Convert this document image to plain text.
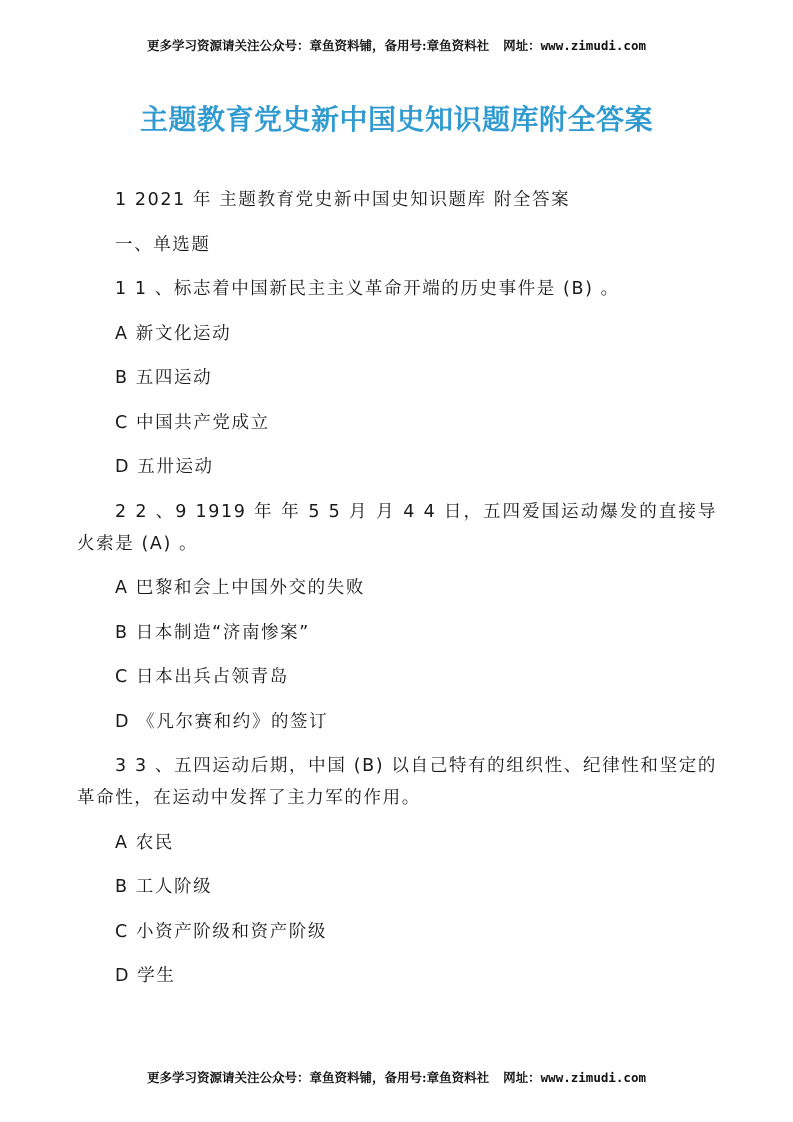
更多学习资源请关注公众号：章鱼资料铺，备用号:章鱼资料社 网址：www.zimudi.com
主题教育党史新中国史知识题库附全答案
1 2021 年 主题教育党史新中国史知识题库 附全答案
一、单选题
1 1 、标志着中国新民主主义革命开端的历史事件是 (B) 。
A 新文化运动
B 五四运动
C 中国共产党成立
D 五卅运动
2 2 、9 1919 年 年 5 5 月 月 4 4 日，五四爱国运动爆发的直接导火索是 (A) 。
A 巴黎和会上中国外交的失败
B 日本制造“济南惨案”
C 日本出兵占领青岛
D 《凡尔赛和约》的签订
3 3 、五四运动后期，中国 (B) 以自己特有的组织性、纪律性和坚定的革命性，在运动中发挥了主力军的作用。
A 农民
B 工人阶级
C 小资产阶级和资产阶级
D 学生
更多学习资源请关注公众号：章鱼资料铺，备用号:章鱼资料社 网址：www.zimudi.com
